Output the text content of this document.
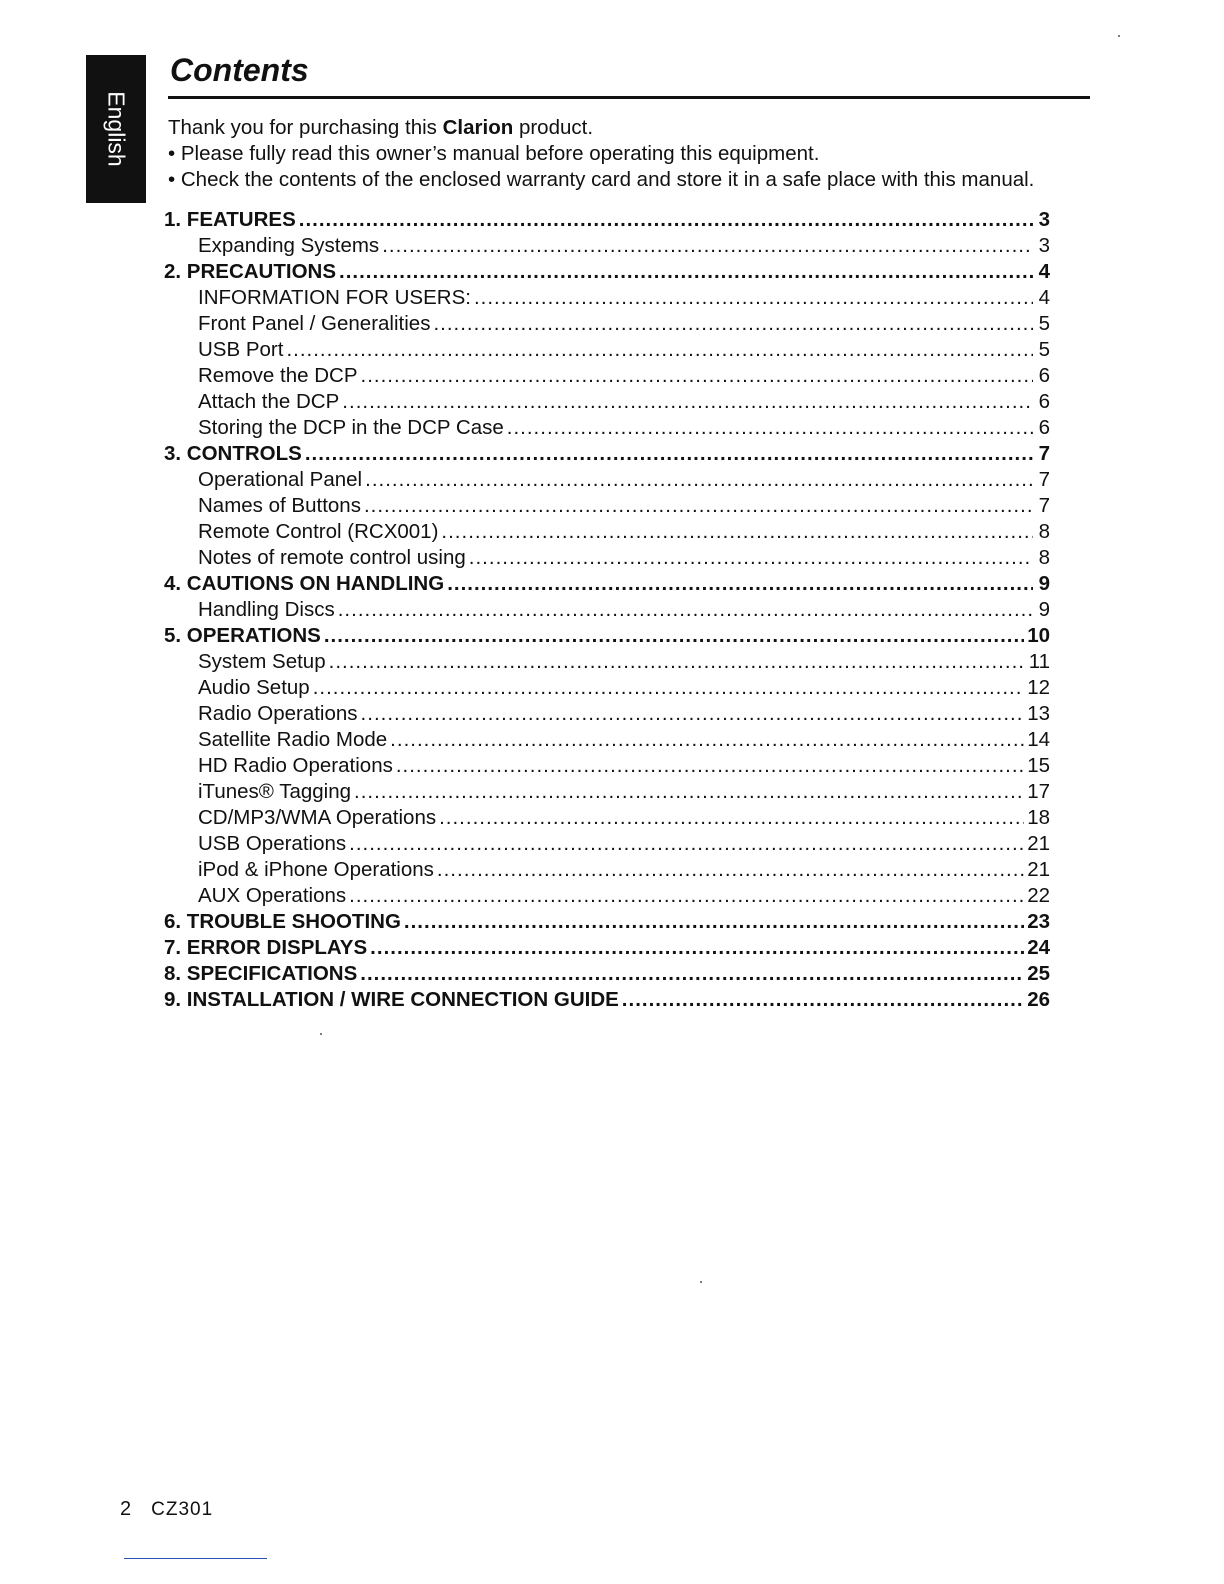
English
Contents

Thank you for purchasing this Clarion product.

• Please fully read this owner’s manual before operating this equipment.

• Check the contents of the enclosed warranty card and store it in a safe place with this manual.

1. FEATURES .....	3
Expanding Systems .....	3
2. PRECAUTIONS .....	4
INFORMATION FOR USERS: .....	4
Front Panel / Generalities .....	5
USB Port .....	5
Remove the DCP .....	6
Attach the DCP .....	6
Storing the DCP in the DCP Case .....	6
3. CONTROLS .....	7
Operational Panel .....	7
Names of Buttons .....	7
Remote Control (RCX001) .....	8
Notes of remote control using .....	8
4. CAUTIONS ON HANDLING .....	9
Handling Discs .....	9
5. OPERATIONS .....	10
System Setup .....	11
Audio Setup .....	12
Radio Operations .....	13
Satellite Radio Mode .....	14
HD Radio Operations .....	15
iTunes® Tagging .....	17
CD/MP3/WMA Operations .....	18
USB Operations .....	21
iPod & iPhone Operations .....	21
AUX Operations .....	22
6. TROUBLE SHOOTING .....	23
7. ERROR DISPLAYS .....	24
8. SPECIFICATIONS .....	25
9. INSTALLATION / WIRE CONNECTION GUIDE .....	26
2 CZ301
